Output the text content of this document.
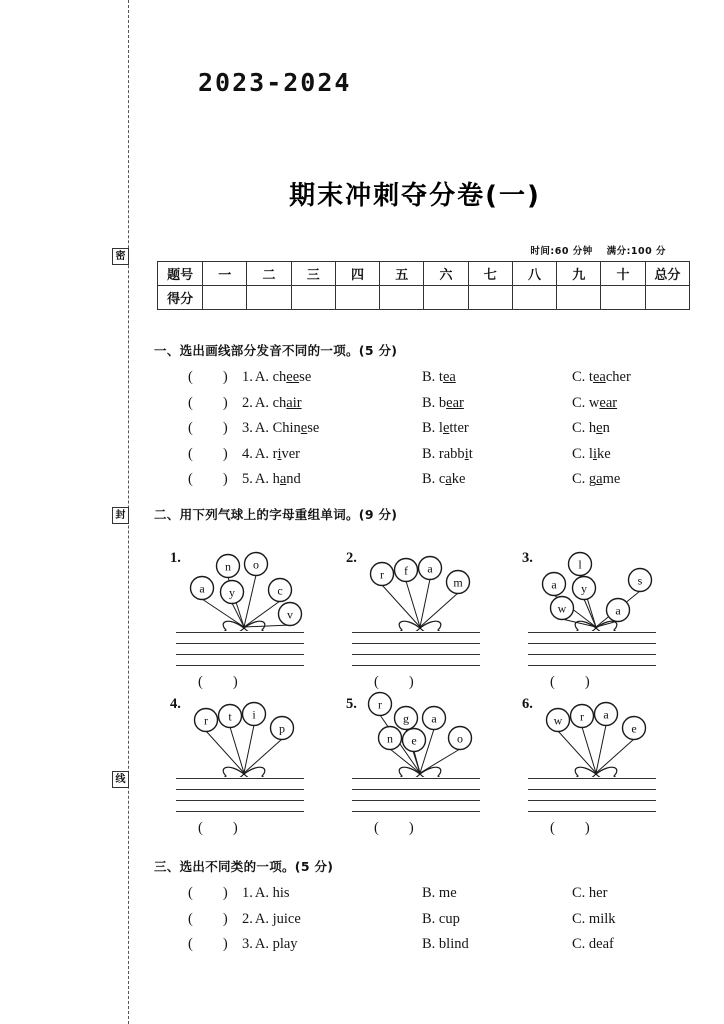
密
封
线
2023-2024
期末冲刺夺分卷(一)
时间:60 分钟 满分:100 分
题号	一	二	三	四	五	六	七	八	九	十	总分
得分											
一、选出画线部分发音不同的一项。(5 分)
( ) 1. A. cheese	B. tea	C. teacher
( ) 2. A. chair	B. bear	C. wear
( ) 3. A. Chinese	B. letter	C. hen
( ) 4. A. river	B. rabbit	C. like
( ) 5. A. hand	B. cake	C. game
二、用下列气球上的字母重组单词。(9 分)
1.
a
n o
y	c
v
( )
2.
r f a
m
( )
3.
a
l
y
w	a
s
( )
4.
r t i
p
( )
5. r
g a
n e	o
( )
6.
w r a
e
( )
三、选出不同类的一项。(5 分)
( ) 1. A. his	B. me	C. her
( ) 2. A. juice	B. cup	C. milk
( ) 3. A. play	B. blind	C. deaf
